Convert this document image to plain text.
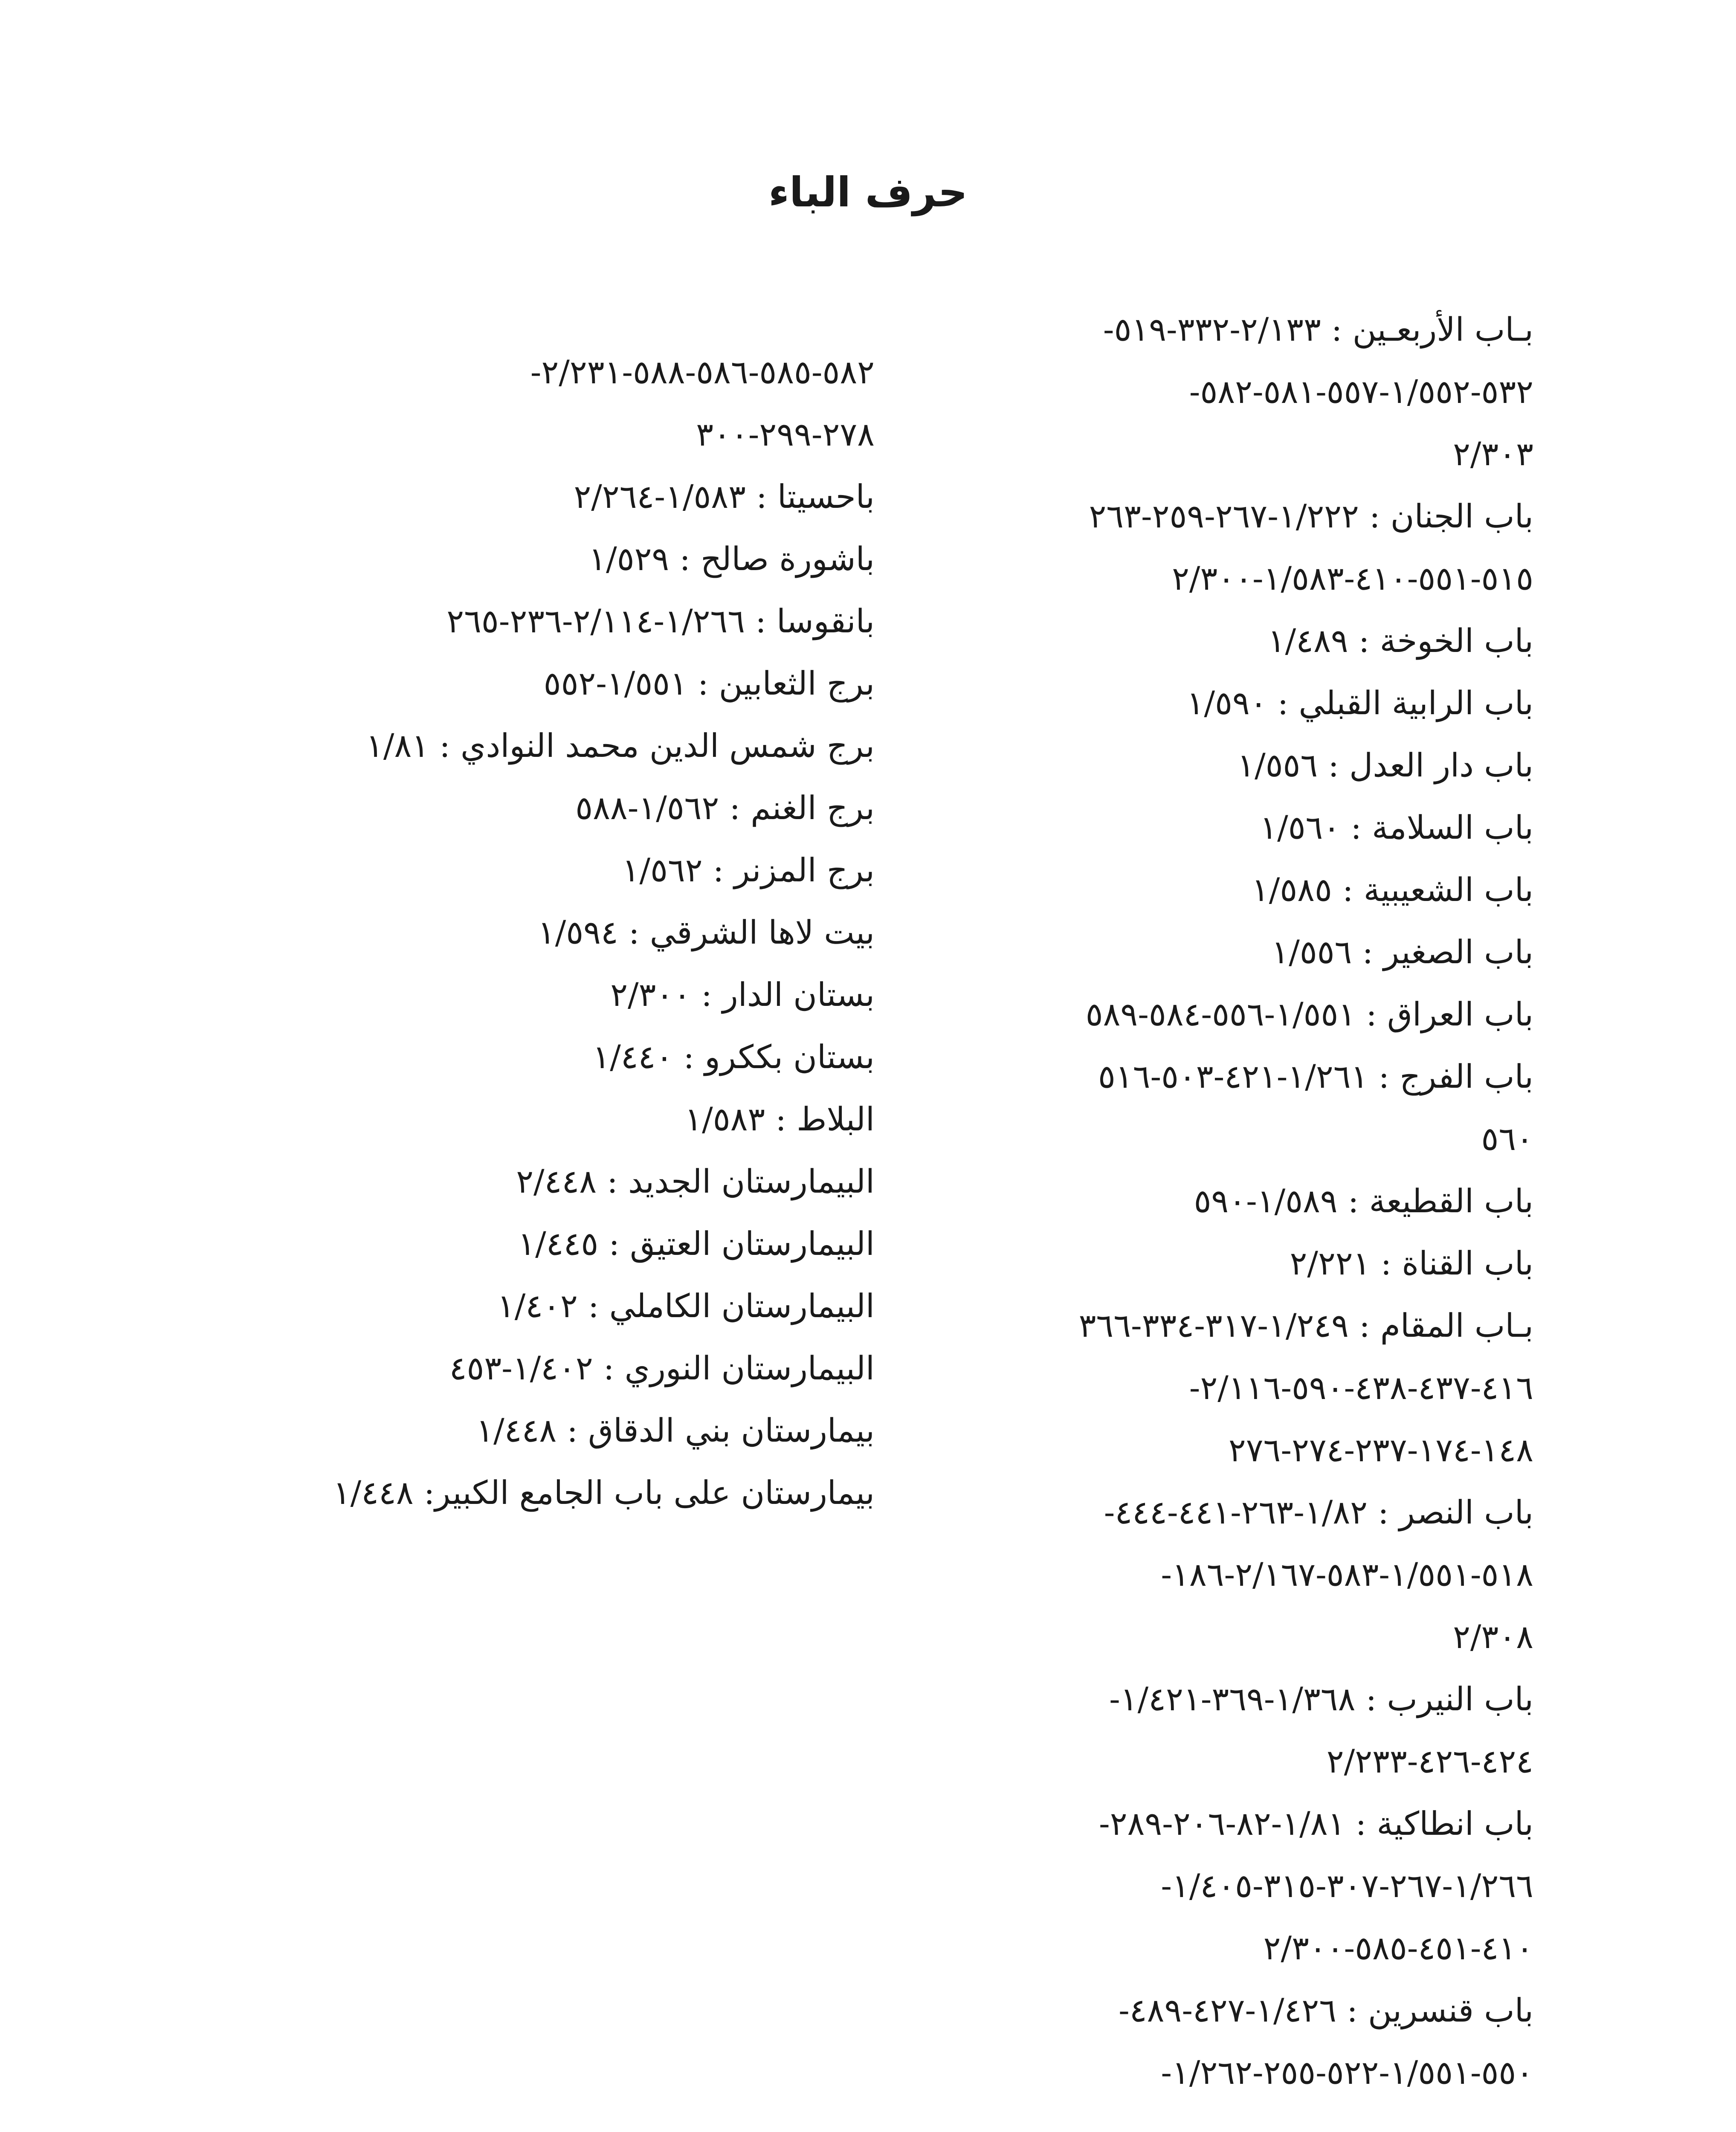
حرف الباء
بـاب الأربعـين : ٢/١٣٣-٣٣٢-٥١٩-
٥٣٢-١/٥٥٢-٥٥٧-٥٨١-٥٨٢-
٢/٣٠٣
باب الجنان : ١/٢٢٢-٢٦٧-٢٥٩-٢٦٣
٥١٥-٥٥١-٤١٠-١/٥٨٣-٢/٣٠٠
باب الخوخة : ١/٤٨٩
باب الرابية القبلي : ١/٥٩٠
باب دار العدل : ١/٥٥٦
باب السلامة : ١/٥٦٠
باب الشعيبية : ١/٥٨٥
باب الصغير : ١/٥٥٦
باب العراق : ١/٥٥١-٥٥٦-٥٨٤-٥٨٩
باب الفرج : ١/٢٦١-٤٢١-٥٠٣-٥١٦
٥٦٠
باب القطيعة : ١/٥٨٩-٥٩٠
باب القناة : ٢/٢٢١
بـاب المقام : ١/٢٤٩-٣١٧-٣٣٤-٣٦٦
٤١٦-٤٣٧-٤٣٨-٥٩٠-٢/١١٦-
١٤٨-١٧٤-٢٣٧-٢٧٤-٢٧٦
باب النصر : ١/٨٢-٢٦٣-٤٤١-٤٤٤-
٥١٨-١/٥٥١-٥٨٣-٢/١٦٧-١٨٦-
٢/٣٠٨
باب النيرب : ١/٣٦٨-٣٦٩-١/٤٢١-
٤٢٤-٤٢٦-٢/٢٣٣
باب انطاكية : ١/٨١-٨٢-٢٠٦-٢٨٩-
١/٢٦٦-٢٦٧-٣٠٧-٣١٥-١/٤٠٥-
٤١٠-٤٥١-٥٨٥-٢/٣٠٠
باب قنسرين : ١/٤٢٦-٤٢٧-٤٨٩-
٥٥٠-١/٥٥١-٥٢٢-٢٥٥-١/٢٦٢-
٥٨٢-٥٨٥-٥٨٦-٥٨٨-٢/٢٣١-
٢٧٨-٢٩٩-٣٠٠
باحسيتا : ١/٥٨٣-٢/٢٦٤
باشورة صالح : ١/٥٢٩
بانقوسا : ١/٢٦٦-٢/١١٤-٢٣٦-٢٦٥
برج الثعابين : ١/٥٥١-٥٥٢
برج شمس الدين محمد النوادي : ١/٨١
برج الغنم : ١/٥٦٢-٥٨٨
برج المزنر : ١/٥٦٢
بيت لاها الشرقي : ١/٥٩٤
بستان الدار : ٢/٣٠٠
بستان بككرو : ١/٤٤٠
البلاط : ١/٥٨٣
البيمارستان الجديد : ٢/٤٤٨
البيمارستان العتيق : ١/٤٤٥
البيمارستان الكاملي : ١/٤٠٢
البيمارستان النوري : ١/٤٠٢-٤٥٣
بيمارستان بني الدقاق : ١/٤٤٨
بيمارستان على باب الجامع الكبير: ١/٤٤٨
